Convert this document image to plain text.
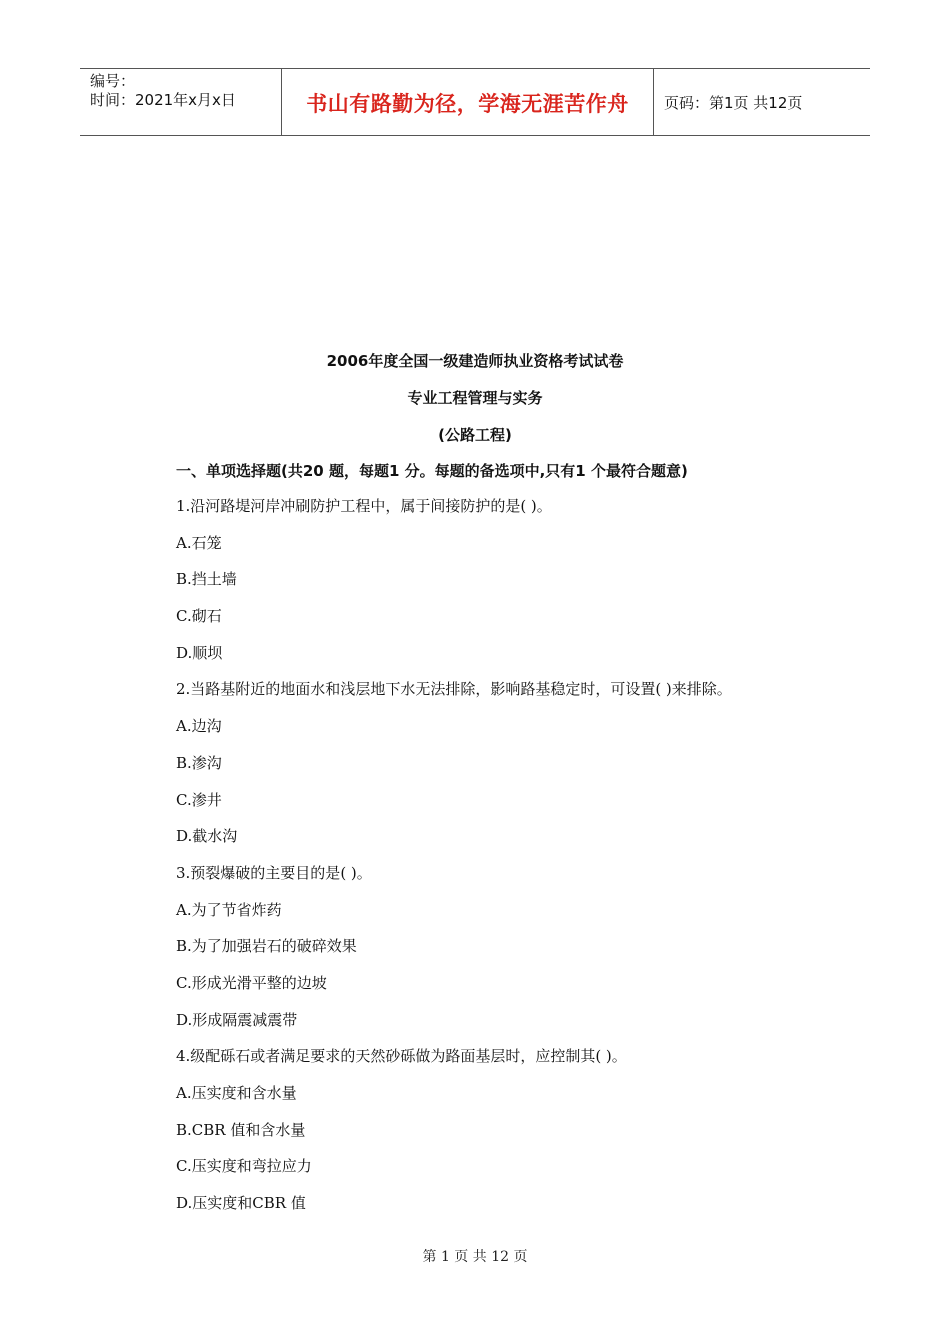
编号：
时间：2021年x月x日	书山有路勤为径，学海无涯苦作舟 页码：第1页 共12页
2006年度全国一级建造师执业资格考试试卷
专业工程管理与实务
(公路工程)
一、单项选择题(共20 题，每题1 分。每题的备选项中,只有1 个最符合题意)
1.沿河路堤河岸冲刷防护工程中，属于间接防护的是( )。
A.石笼
B.挡土墙
C.砌石
D.顺坝
2.当路基附近的地面水和浅层地下水无法排除，影响路基稳定时，可设置( )来排除。
A.边沟
B.渗沟
C.渗井
D.截水沟
3.预裂爆破的主要目的是( )。
A.为了节省炸药
B.为了加强岩石的破碎效果
C.形成光滑平整的边坡
D.形成隔震减震带
4.级配砾石或者满足要求的天然砂砾做为路面基层时，应控制其( )。
A.压实度和含水量
B.CBR 值和含水量
C.压实度和弯拉应力
D.压实度和CBR 值
第 1 页 共 12 页
